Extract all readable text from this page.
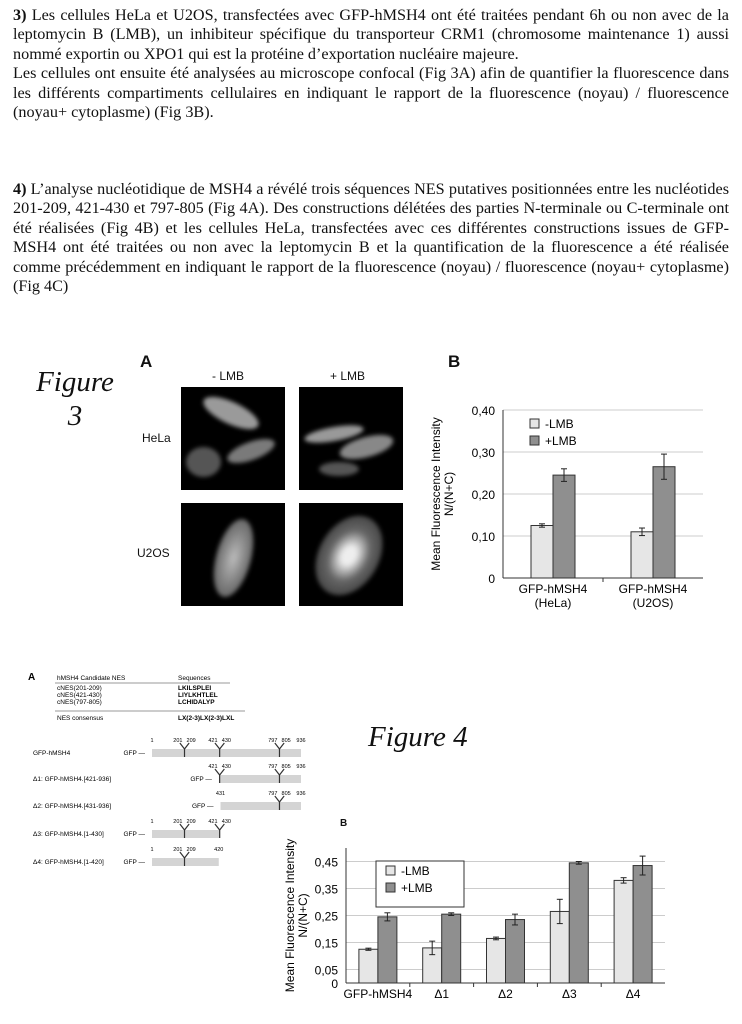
3) Les cellules HeLa et U2OS, transfectées avec GFP-hMSH4 ont été traitées pendant 6h ou non avec de la leptomycin B (LMB), un inhibiteur spécifique du transporteur CRM1 (chromosome maintenance 1) aussi nommé exportin ou XPO1 qui est la protéine d’exportation nucléaire majeure.

Les cellules ont ensuite été analysées au microscope confocal (Fig 3A) afin de quantifier la fluorescence dans les différents compartiments cellulaires en indiquant le rapport de la fluorescence (noyau) / fluorescence (noyau+ cytoplasme) (Fig 3B).

4) L’analyse nucléotidique de MSH4 a révélé trois séquences NES putatives positionnées entre les nucléotides 201-209, 421-430 et 797-805 (Fig 4A). Des constructions délétées des parties N-terminale ou C-terminale ont été réalisées (Fig 4B) et les cellules HeLa, transfectées avec ces différentes constructions issues de GFP-MSH4 ont été traitées ou non avec la leptomycin B et la quantification de la fluorescence a été réalisée comme précédemment en indiquant le rapport de la fluorescence (noyau) / fluorescence (noyau+ cytoplasme) (Fig 4C)

Figure
3
A
- LMB	+ LMB
HeLa
U2OS
B
0
0,10
0,20
0,30
0,40
GFP-hMSH4
(HeLa)
GFP-hMSH4
(U2OS)
Mean Fluorescence Intensity N/(N+C)
-LMB
+LMB
Figure 4
A	hMSH4 Candidate NES	Sequences
cNES(201-209)	LKILSPLEI
cNES(421-430)	LIYLKHTLEL
cNES(797-805)	LCHIDALYP
NES consensus	LX(2-3)LX(2-3)LXL
GFP-hMSH4	GFP —
1	201 209 421 430	797 805 936
Δ1: GFP-hMSH4.[421-936]	GFP —
421 430	797 805 936
Δ2: GFP-hMSH4.[431-936]	GFP —
431	797 805 936
Δ3: GFP-hMSH4.[1-430]	GFP —
1	201 209 421 430
Δ4: GFP-hMSH4.[1-420]	GFP —
1	201 209	420
B
0
0,05
0,15
0,25
0,35
0,45
GFP-hMSH4 Δ1	Δ2	Δ3	Δ4
Mean Fluorescence Intensity N/(N+C)
-LMB
+LMB
